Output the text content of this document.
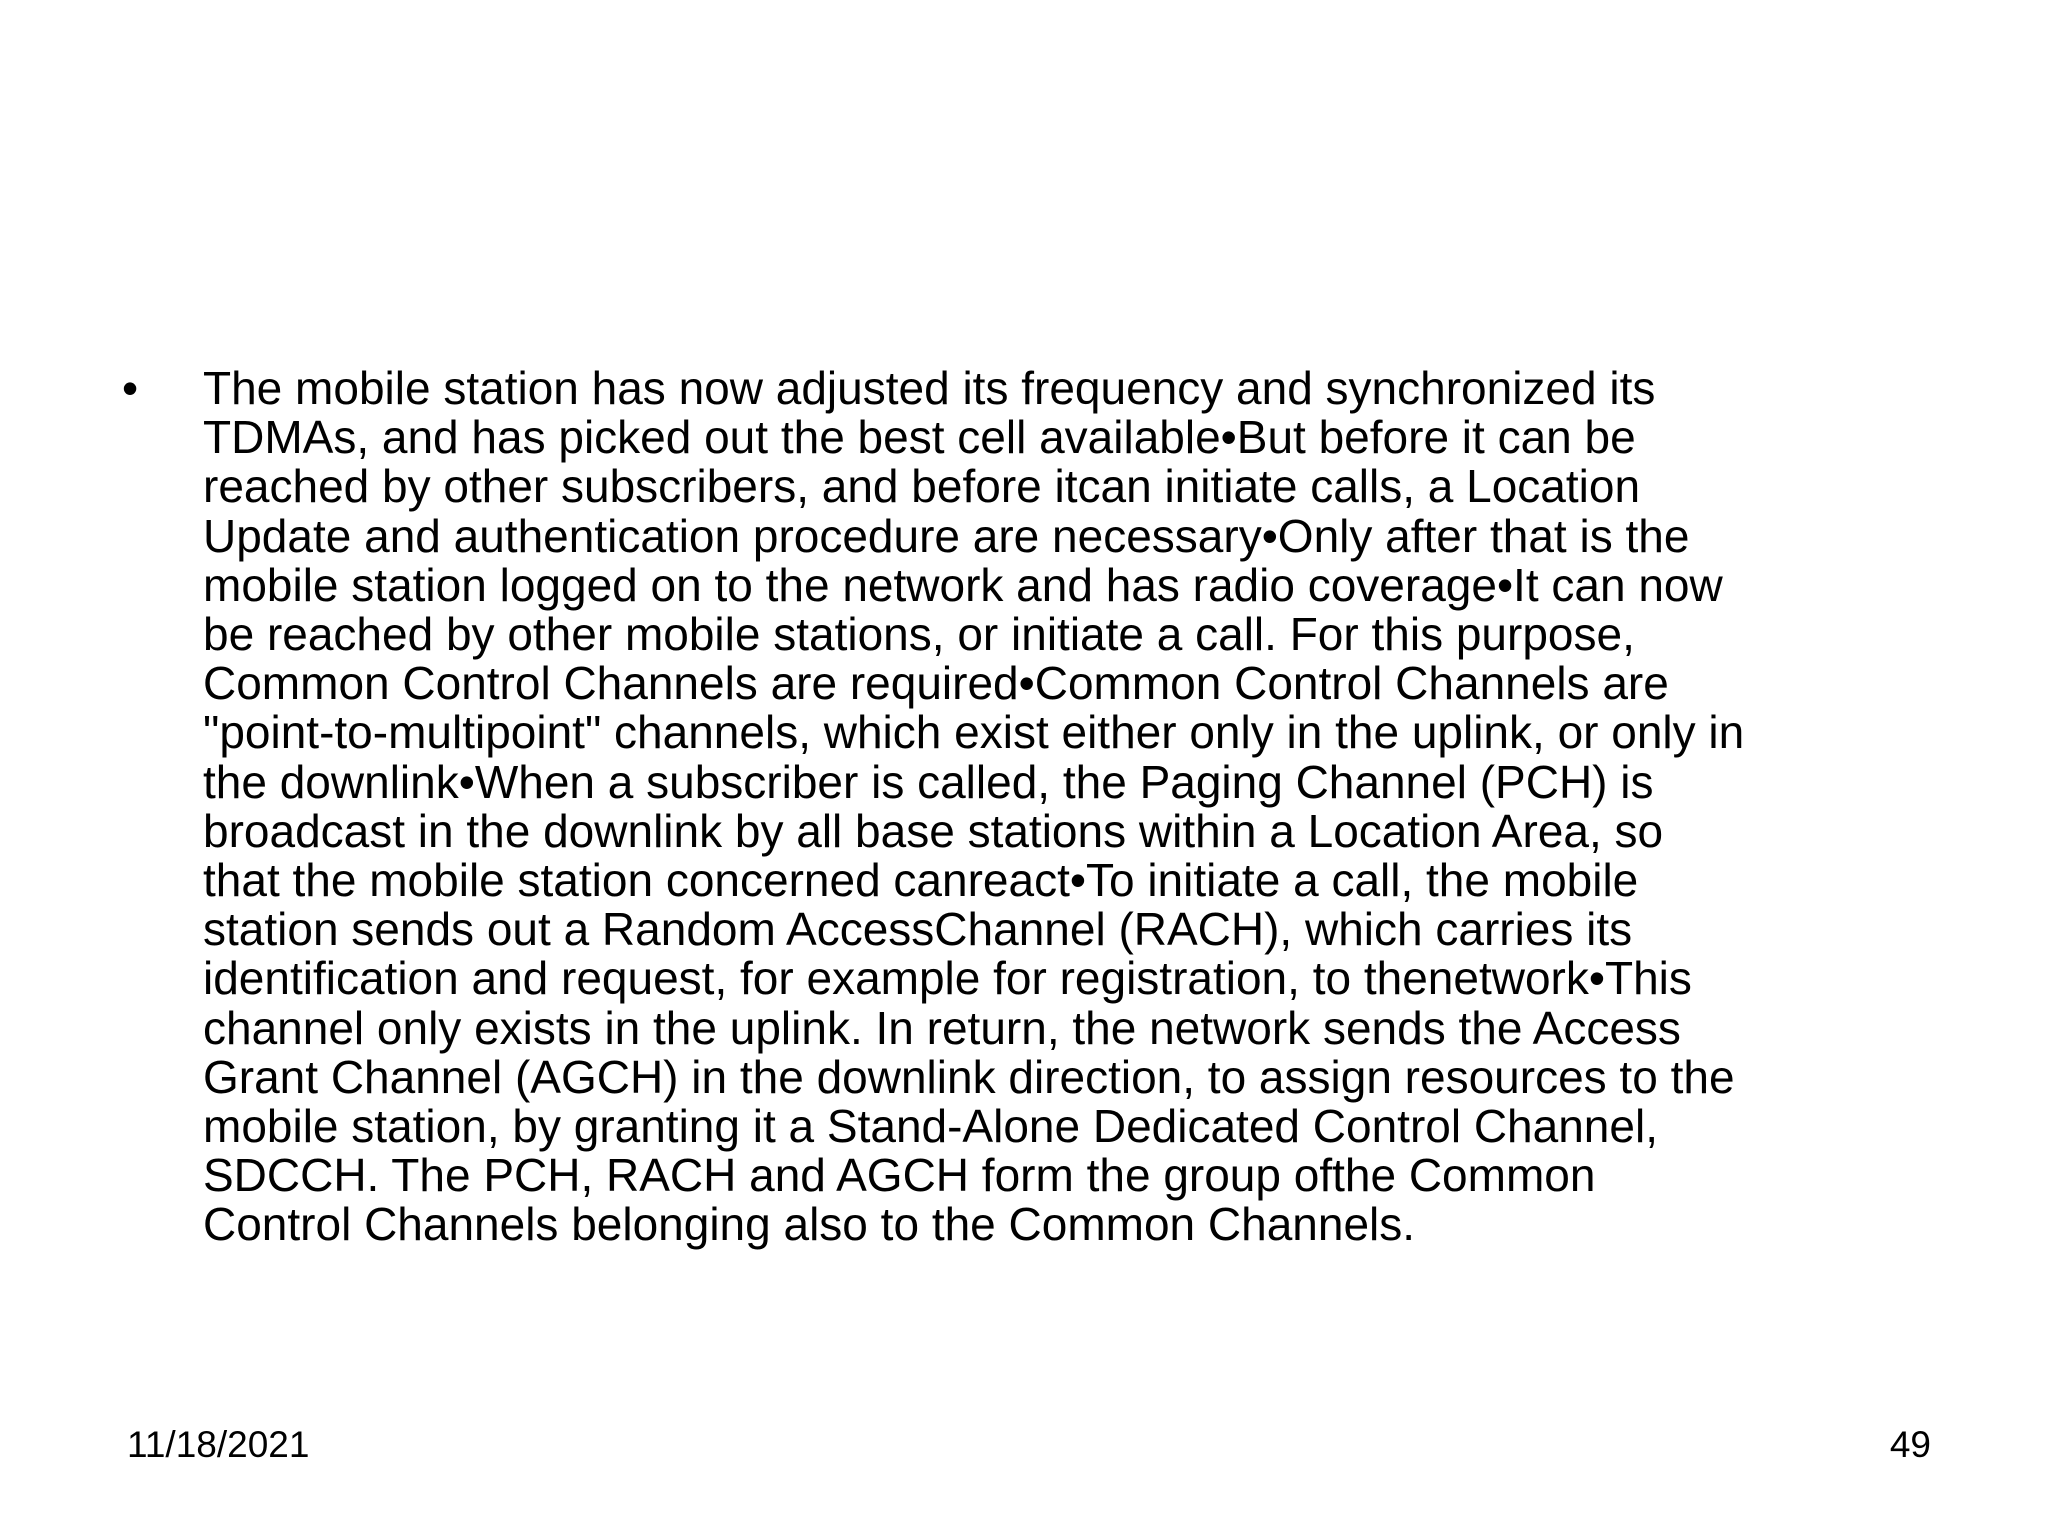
•	The mobile station has now adjusted its frequency and synchronized its
TDMAs, and has picked out the best cell available•But before it can be
reached by other subscribers, and before itcan initiate calls, a Location
Update and authentication procedure are necessary•Only after that is the
mobile station logged on to the network and has radio coverage•It can now
be reached by other mobile stations, or initiate a call. For this purpose,
Common Control Channels are required•Common Control Channels are
"point-to-multipoint" channels, which exist either only in the uplink, or only in
the downlink•When a subscriber is called, the Paging Channel (PCH) is
broadcast in the downlink by all base stations within a Location Area, so
that the mobile station concerned canreact•To initiate a call, the mobile
station sends out a Random AccessChannel (RACH), which carries its
identification and request, for example for registration, to thenetwork•This
channel only exists in the uplink. In return, the network sends the Access
Grant Channel (AGCH) in the downlink direction, to assign resources to the
mobile station, by granting it a Stand-Alone Dedicated Control Channel,
SDCCH. The PCH, RACH and AGCH form the group ofthe Common
Control Channels belonging also to the Common Channels.
11/18/2021	49
